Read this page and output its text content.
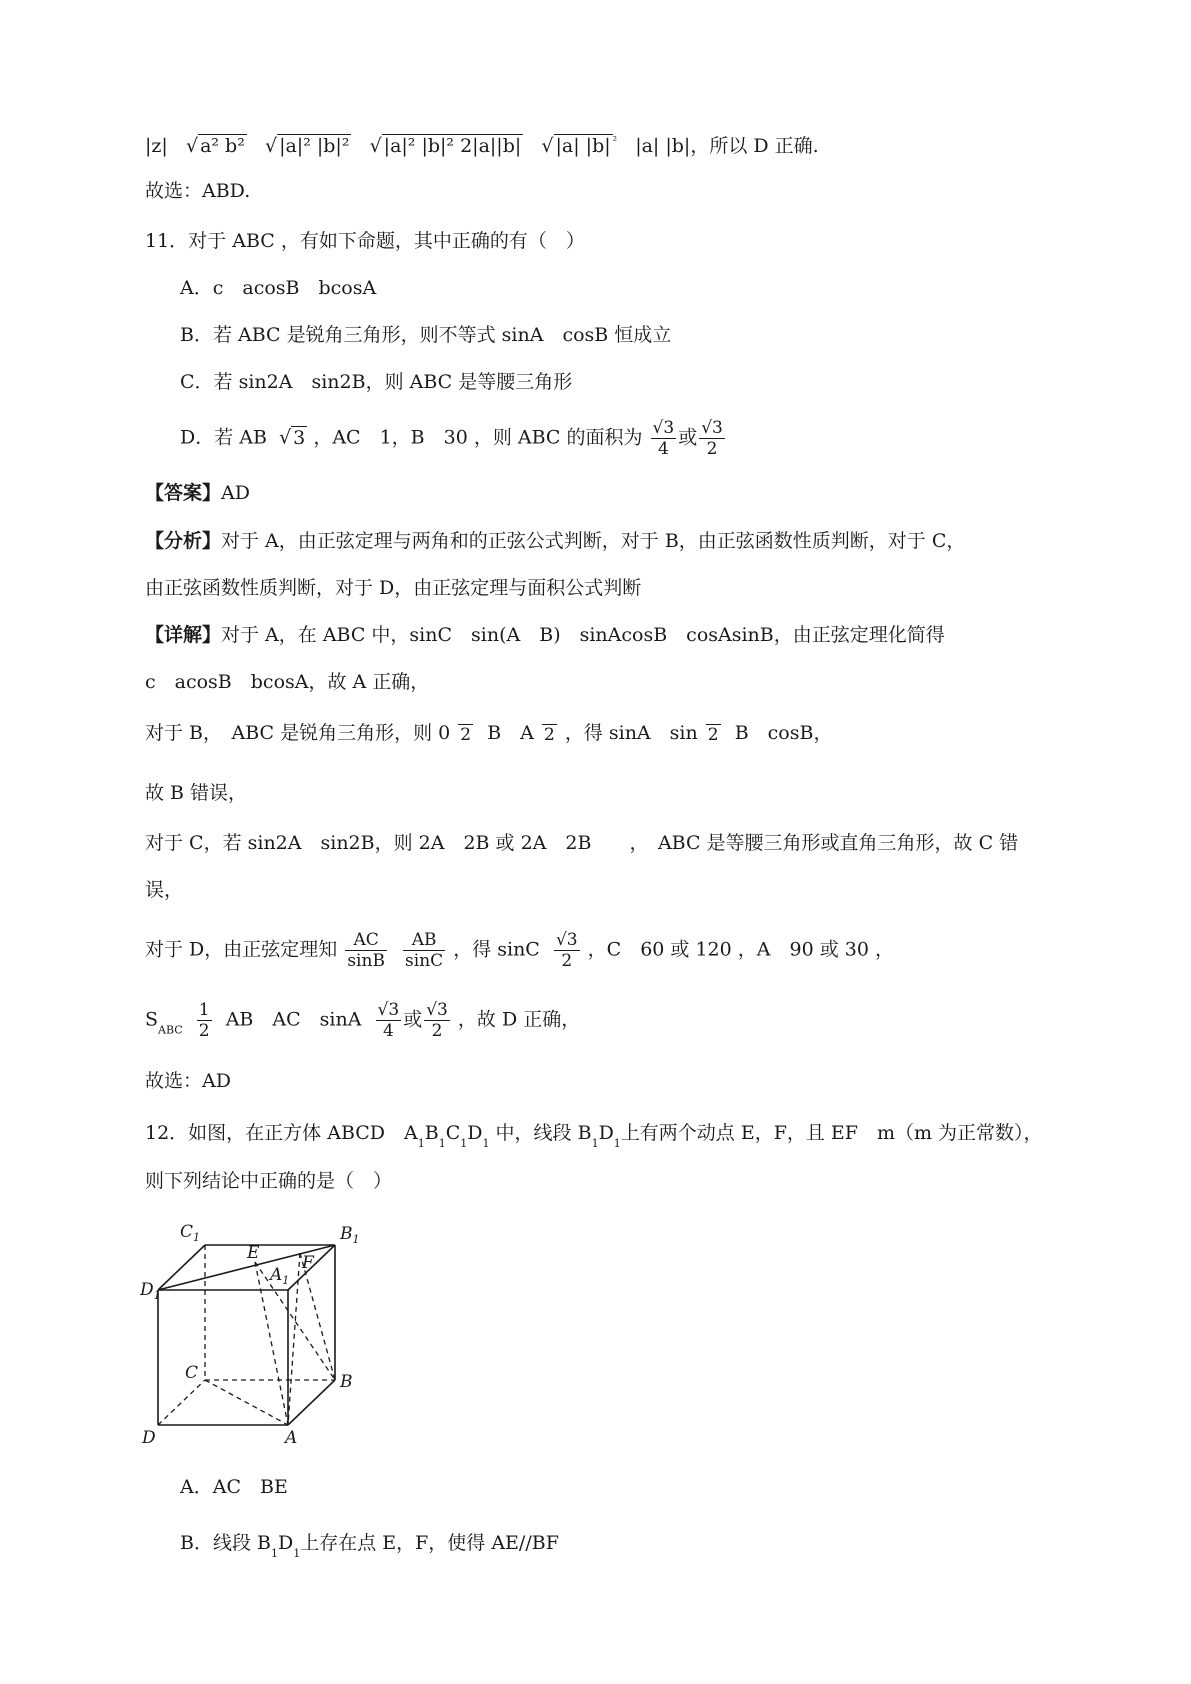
|z| √ a² b² √ |a|² |b|² √ |a|² |b|² 2|a||b| √ |a| |b| $^{^2}$ |a| |b|，所以 D 正确.
故选：ABD.
11．对于 ABC ，有如下命题，其中正确的有（　）
A．c　acosB　bcosA
B．若 ABC 是锐角三角形，则不等式 sinA　cosB 恒成立
C．若 sin2A　sin2B，则 ABC 是等腰三角形
D．若 AB √ 3 ，AC　1，B　30 ，则 ABC 的面积为 $\frac{√3}{4}$ 或 $\frac{√3}{2}$
【答案】AD
【分析】对于 A，由正弦定理与两角和的正弦公式判断，对于 B，由正弦函数性质判断，对于 C，
由正弦函数性质判断，对于 D，由正弦定理与面积公式判断
【详解】对于 A，在 ABC 中，sinC　sin(A　B)　sinAcosB　cosAsinB，由正弦定理化简得
c　acosB　bcosA，故 A 正确，
对于 B，　ABC 是锐角三角形，则 0 2 B　A 2 ，得 sinA　sin 2 B　cosB，
故 B 错误，
对于 C，若 sin2A　sin2B，则 2A　2B 或 2A　2B　　，　ABC 是等腰三角形或直角三角形，故 C 错
误，
对于 D，由正弦定理知 $\frac{AC}{\sin B}$
$\frac{AB}{\sin C}$ ，得 sinC $\frac{√3}{2}$ ，C　60 或 120 ，A　90 或 30 ，
$S_{ABC} \frac{1}{2}$ AB　AC　sinA $\frac{√3}{4}$ 或 $\frac{√3}{2}$ ，故 D 正确，
故选：AD
12．如图，在正方体 ABCD　$A_1B_1C_1D_1$ 中，线段 $B_1D_1$上有两个动点 E，F，且 EF　m（m 为正常数），
则下列结论中正确的是（　）
$C_1$	$B_1$
$D_1$
$A_1$
E	F
C	B
D	A
A．AC　BE
B．线段 $B_1D_1$上存在点 E，F，使得 AE//BF
